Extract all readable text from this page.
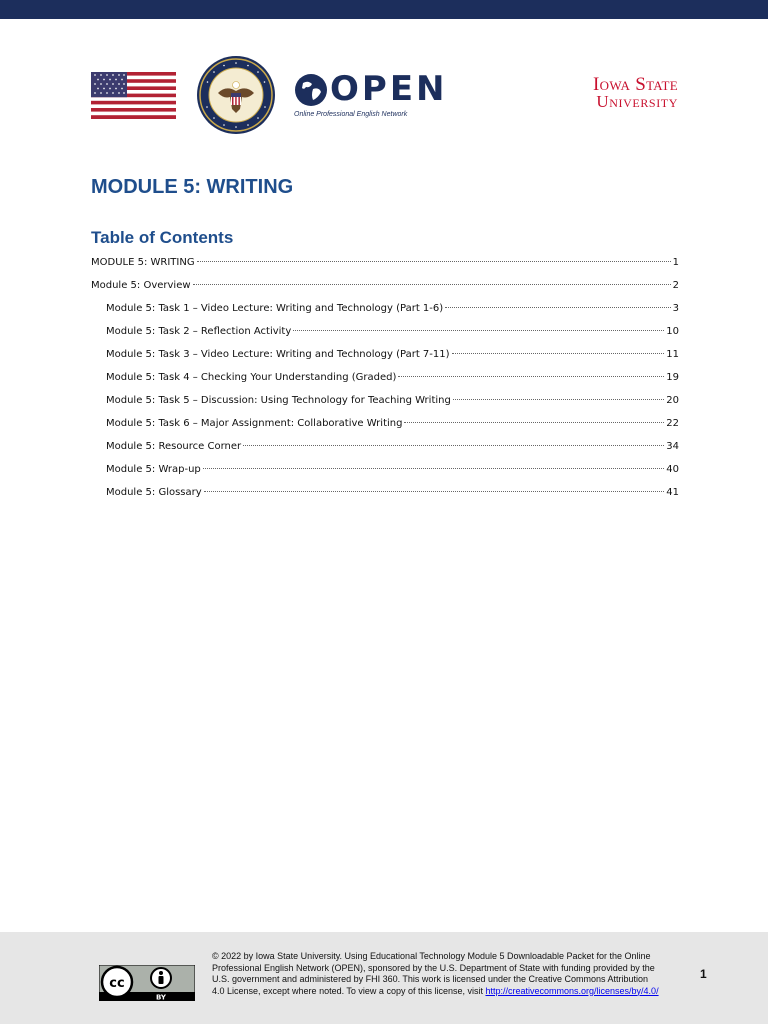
OPEN
Online Professional English Network
Iowa State
University
MODULE 5: WRITING
Table of Contents
MODULE 5: WRITING	1
Module 5: Overview	2
Module 5: Task 1 – Video Lecture: Writing and Technology (Part 1-6)	3
Module 5: Task 2 – Reflection Activity	10
Module 5: Task 3 – Video Lecture: Writing and Technology (Part 7-11)	11
Module 5: Task 4 – Checking Your Understanding (Graded)	19
Module 5: Task 5 – Discussion: Using Technology for Teaching Writing	20
Module 5: Task 6 – Major Assignment: Collaborative Writing	22
Module 5: Resource Corner	34
Module 5: Wrap-up	40
Module 5: Glossary	41
cc
BY

© 2022 by Iowa State University. Using Educational Technology Module 5 Downloadable Packet for the Online Professional English Network (OPEN), sponsored by the U.S. Department of State with funding provided by the U.S. government and administered by FHI 360. This work is licensed under the Creative Commons Attribution 4.0 License, except where noted. To view a copy of this license, visit http://creativecommons.org/licenses/by/4.0/

1
